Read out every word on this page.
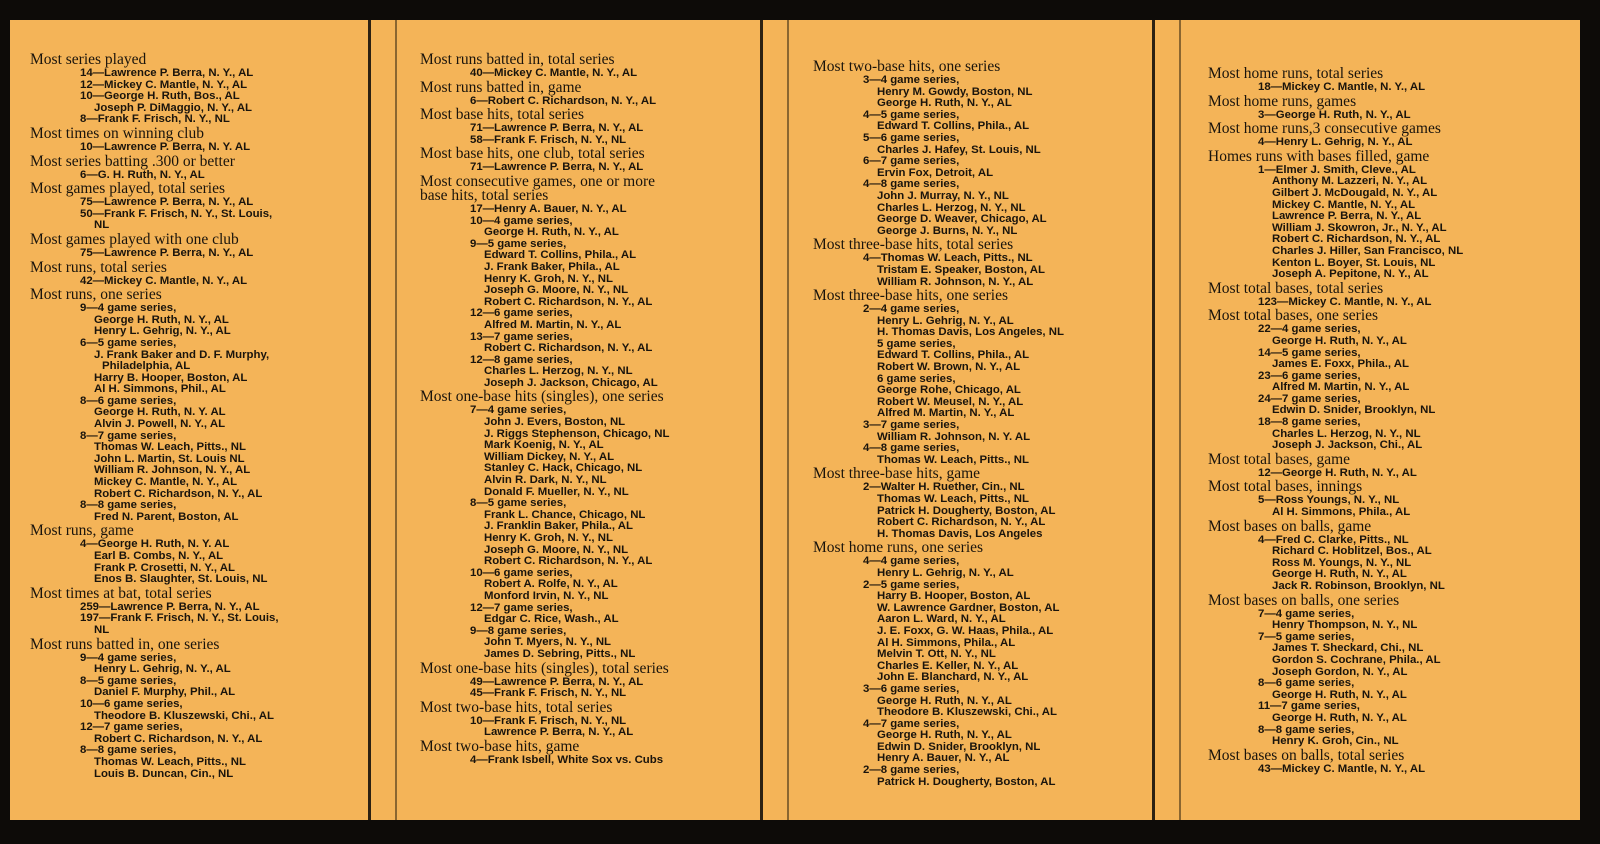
Most series played
14—Lawrence P. Berra, N. Y., AL
12—Mickey C. Mantle, N. Y., AL
10—George H. Ruth, Bos., AL
Joseph P. DiMaggio, N. Y., AL
8—Frank F. Frisch, N. Y., NL
Most times on winning club
10—Lawrence P. Berra, N. Y. AL
Most series batting .300 or better
6—G. H. Ruth, N. Y., AL
Most games played, total series
75—Lawrence P. Berra, N. Y., AL
50—Frank F. Frisch, N. Y., St. Louis,
NL
Most games played with one club
75—Lawrence P. Berra, N. Y., AL
Most runs, total series
42—Mickey C. Mantle, N. Y., AL
Most runs, one series
9—4 game series,
George H. Ruth, N. Y., AL
Henry L. Gehrig, N. Y., AL
6—5 game series,
J. Frank Baker and D. F. Murphy,
Philadelphia, AL
Harry B. Hooper, Boston, AL
Al H. Simmons, Phil., AL
8—6 game series,
George H. Ruth, N. Y. AL
Alvin J. Powell, N. Y., AL
8—7 game series,
Thomas W. Leach, Pitts., NL
John L. Martin, St. Louis NL
William R. Johnson, N. Y., AL
Mickey C. Mantle, N. Y., AL
Robert C. Richardson, N. Y., AL
8—8 game series,
Fred N. Parent, Boston, AL
Most runs, game
4—George H. Ruth, N. Y. AL
Earl B. Combs, N. Y., AL
Frank P. Crosetti, N. Y., AL
Enos B. Slaughter, St. Louis, NL
Most times at bat, total series
259—Lawrence P. Berra, N. Y., AL
197—Frank F. Frisch, N. Y., St. Louis,
NL
Most runs batted in, one series
9—4 game series,
Henry L. Gehrig, N. Y., AL
8—5 game series,
Daniel F. Murphy, Phil., AL
10—6 game series,
Theodore B. Kluszewski, Chi., AL
12—7 game series,
Robert C. Richardson, N. Y., AL
8—8 game series,
Thomas W. Leach, Pitts., NL
Louis B. Duncan, Cin., NL
Most runs batted in, total series
40—Mickey C. Mantle, N. Y., AL
Most runs batted in, game
6—Robert C. Richardson, N. Y., AL
Most base hits, total series
71—Lawrence P. Berra, N. Y., AL
58—Frank F. Frisch, N. Y., NL
Most base hits, one club, total series
71—Lawrence P. Berra, N. Y., AL
Most consecutive games, one or more
base hits, total series
17—Henry A. Bauer, N. Y., AL
10—4 game series,
George H. Ruth, N. Y., AL
9—5 game series,
Edward T. Collins, Phila., AL
J. Frank Baker, Phila., AL
Henry K. Groh, N. Y., NL
Joseph G. Moore, N. Y., NL
Robert C. Richardson, N. Y., AL
12—6 game series,
Alfred M. Martin, N. Y., AL
13—7 game series,
Robert C. Richardson, N. Y., AL
12—8 game series,
Charles L. Herzog, N. Y., NL
Joseph J. Jackson, Chicago, AL
Most one-base hits (singles), one series
7—4 game series,
John J. Evers, Boston, NL
J. Riggs Stephenson, Chicago, NL
Mark Koenig, N. Y., AL
William Dickey, N. Y., AL
Stanley C. Hack, Chicago, NL
Alvin R. Dark, N. Y., NL
Donald F. Mueller, N. Y., NL
8—5 game series,
Frank L. Chance, Chicago, NL
J. Franklin Baker, Phila., AL
Henry K. Groh, N. Y., NL
Joseph G. Moore, N. Y., NL
Robert C. Richardson, N. Y., AL
10—6 game series,
Robert A. Rolfe, N. Y., AL
Monford Irvin, N. Y., NL
12—7 game series,
Edgar C. Rice, Wash., AL
9—8 game series,
John T. Myers, N. Y., NL
James D. Sebring, Pitts., NL
Most one-base hits (singles), total series
49—Lawrence P. Berra, N. Y., AL
45—Frank F. Frisch, N. Y., NL
Most two-base hits, total series
10—Frank F. Frisch, N. Y., NL
Lawrence P. Berra, N. Y., AL
Most two-base hits, game
4—Frank Isbell, White Sox vs. Cubs
Most two-base hits, one series
3—4 game series,
Henry M. Gowdy, Boston, NL
George H. Ruth, N. Y., AL
4—5 game series,
Edward T. Collins, Phila., AL
5—6 game series,
Charles J. Hafey, St. Louis, NL
6—7 game series,
Ervin Fox, Detroit, AL
4—8 game series,
John J. Murray, N. Y., NL
Charles L. Herzog, N. Y., NL
George D. Weaver, Chicago, AL
George J. Burns, N. Y., NL
Most three-base hits, total series
4—Thomas W. Leach, Pitts., NL
Tristam E. Speaker, Boston, AL
William R. Johnson, N. Y., AL
Most three-base hits, one series
2—4 game series,
Henry L. Gehrig, N. Y., AL
H. Thomas Davis, Los Angeles, NL
5 game series,
Edward T. Collins, Phila., AL
Robert W. Brown, N. Y., AL
6 game series,
George Rohe, Chicago, AL
Robert W. Meusel, N. Y., AL
Alfred M. Martin, N. Y., AL
3—7 game series,
William R. Johnson, N. Y. AL
4—8 game series,
Thomas W. Leach, Pitts., NL
Most three-base hits, game
2—Walter H. Ruether, Cin., NL
Thomas W. Leach, Pitts., NL
Patrick H. Dougherty, Boston, AL
Robert C. Richardson, N. Y., AL
H. Thomas Davis, Los Angeles
Most home runs, one series
4—4 game series,
Henry L. Gehrig, N. Y., AL
2—5 game series,
Harry B. Hooper, Boston, AL
W. Lawrence Gardner, Boston, AL
Aaron L. Ward, N. Y., AL
J. E. Foxx, G. W. Haas, Phila., AL
Al H. Simmons, Phila., AL
Melvin T. Ott, N. Y., NL
Charles E. Keller, N. Y., AL
John E. Blanchard, N. Y., AL
3—6 game series,
George H. Ruth, N. Y., AL
Theodore B. Kluszewski, Chi., AL
4—7 game series,
George H. Ruth, N. Y., AL
Edwin D. Snider, Brooklyn, NL
Henry A. Bauer, N. Y., AL
2—8 game series,
Patrick H. Dougherty, Boston, AL
Most home runs, total series
18—Mickey C. Mantle, N. Y., AL
Most home runs, games
3—George H. Ruth, N. Y., AL
Most home runs,3 consecutive games
4—Henry L. Gehrig, N. Y., AL
Homes runs with bases filled, game
1—Elmer J. Smith, Cleve., AL
Anthony M. Lazzeri, N. Y., AL
Gilbert J. McDougald, N. Y., AL
Mickey C. Mantle, N. Y., AL
Lawrence P. Berra, N. Y., AL
William J. Skowron, Jr., N. Y., AL
Robert C. Richardson, N. Y., AL
Charles J. Hiller, San Francisco, NL
Kenton L. Boyer, St. Louis, NL
Joseph A. Pepitone, N. Y., AL
Most total bases, total series
123—Mickey C. Mantle, N. Y., AL
Most total bases, one series
22—4 game series,
George H. Ruth, N. Y., AL
14—5 game series,
James E. Foxx, Phila., AL
23—6 game series,
Alfred M. Martin, N. Y., AL
24—7 game series,
Edwin D. Snider, Brooklyn, NL
18—8 game series,
Charles L. Herzog, N. Y., NL
Joseph J. Jackson, Chi., AL
Most total bases, game
12—George H. Ruth, N. Y., AL
Most total bases, innings
5—Ross Youngs, N. Y., NL
Al H. Simmons, Phila., AL
Most bases on balls, game
4—Fred C. Clarke, Pitts., NL
Richard C. Hoblitzel, Bos., AL
Ross M. Youngs, N. Y., NL
George H. Ruth, N. Y., AL
Jack R. Robinson, Brooklyn, NL
Most bases on balls, one series
7—4 game series,
Henry Thompson, N. Y., NL
7—5 game series,
James T. Sheckard, Chi., NL
Gordon S. Cochrane, Phila., AL
Joseph Gordon, N. Y., AL
8—6 game series,
George H. Ruth, N. Y., AL
11—7 game series,
George H. Ruth, N. Y., AL
8—8 game series,
Henry K. Groh, Cin., NL
Most bases on balls, total series
43—Mickey C. Mantle, N. Y., AL
